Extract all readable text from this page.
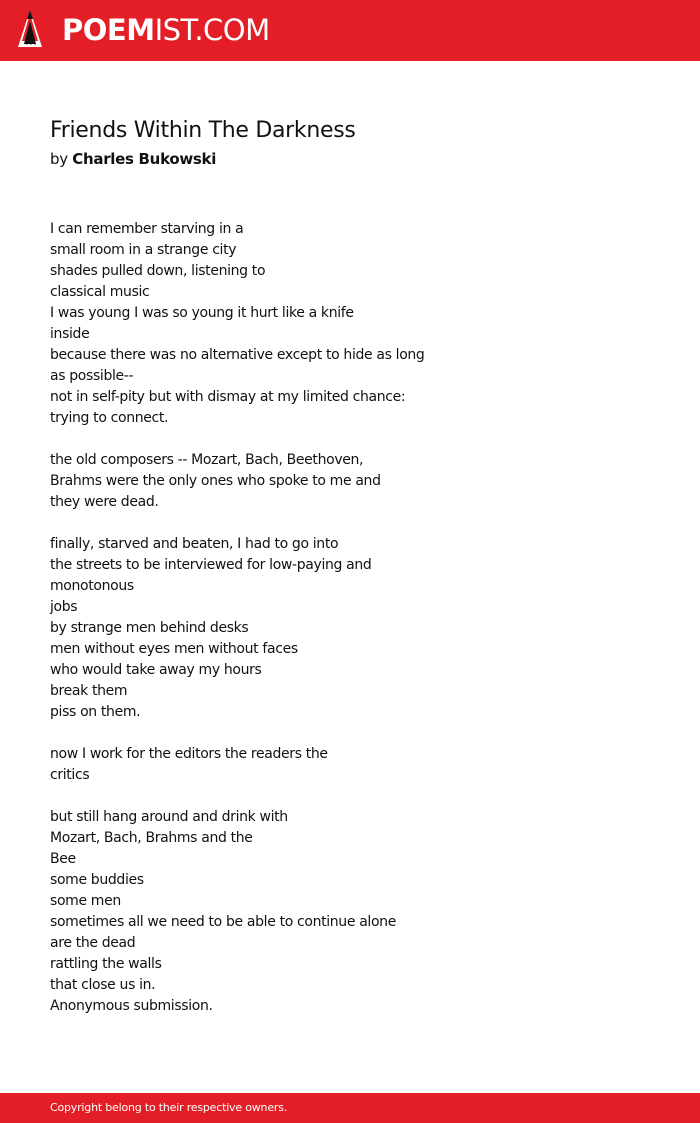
POEMIST.COM
Friends Within The Darkness
by Charles Bukowski
I can remember starving in a
small room in a strange city
shades pulled down, listening to
classical music
I was young I was so young it hurt like a knife
inside
because there was no alternative except to hide as long
as possible--
not in self-pity but with dismay at my limited chance:
trying to connect.
the old composers -- Mozart, Bach, Beethoven,
Brahms were the only ones who spoke to me and
they were dead.
finally, starved and beaten, I had to go into
the streets to be interviewed for low-paying and
monotonous
jobs
by strange men behind desks
men without eyes men without faces
who would take away my hours
break them
piss on them.
now I work for the editors the readers the
critics
but still hang around and drink with
Mozart, Bach, Brahms and the
Bee
some buddies
some men
sometimes all we need to be able to continue alone
are the dead
rattling the walls
that close us in.
Anonymous submission.
Copyright belong to their respective owners.
